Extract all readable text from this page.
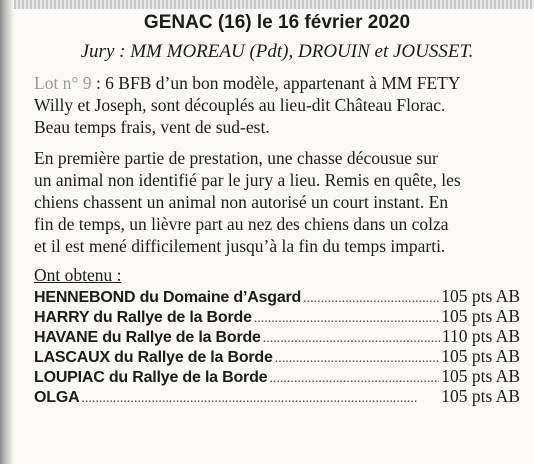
GENAC (16) le 16 février 2020
Jury : MM MOREAU (Pdt), DROUIN et JOUSSET.
Lot n° 9 : 6 BFB d’un bon modèle, appartenant à MM FETY
Willy et Joseph, sont découplés au lieu-dit Château Florac.
Beau temps frais, vent de sud-est.
En première partie de prestation, une chasse décousue sur
un animal non identifié par le jury a lieu. Remis en quête, les
chiens chassent un animal non autorisé un court instant. En
fin de temps, un lièvre part au nez des chiens dans un colza
et il est mené difficilement jusqu’à la fin du temps imparti.
Ont obtenu :
HENNEBOND du Domaine d’Asgard .....	105 pts AB
HARRY du Rallye de la Borde .....	105 pts AB
HAVANE du Rallye de la Borde .....	110 pts AB
LASCAUX du Rallye de la Borde .....	105 pts AB
LOUPIAC du Rallye de la Borde .....	105 pts AB
OLGA .....	105 pts AB
